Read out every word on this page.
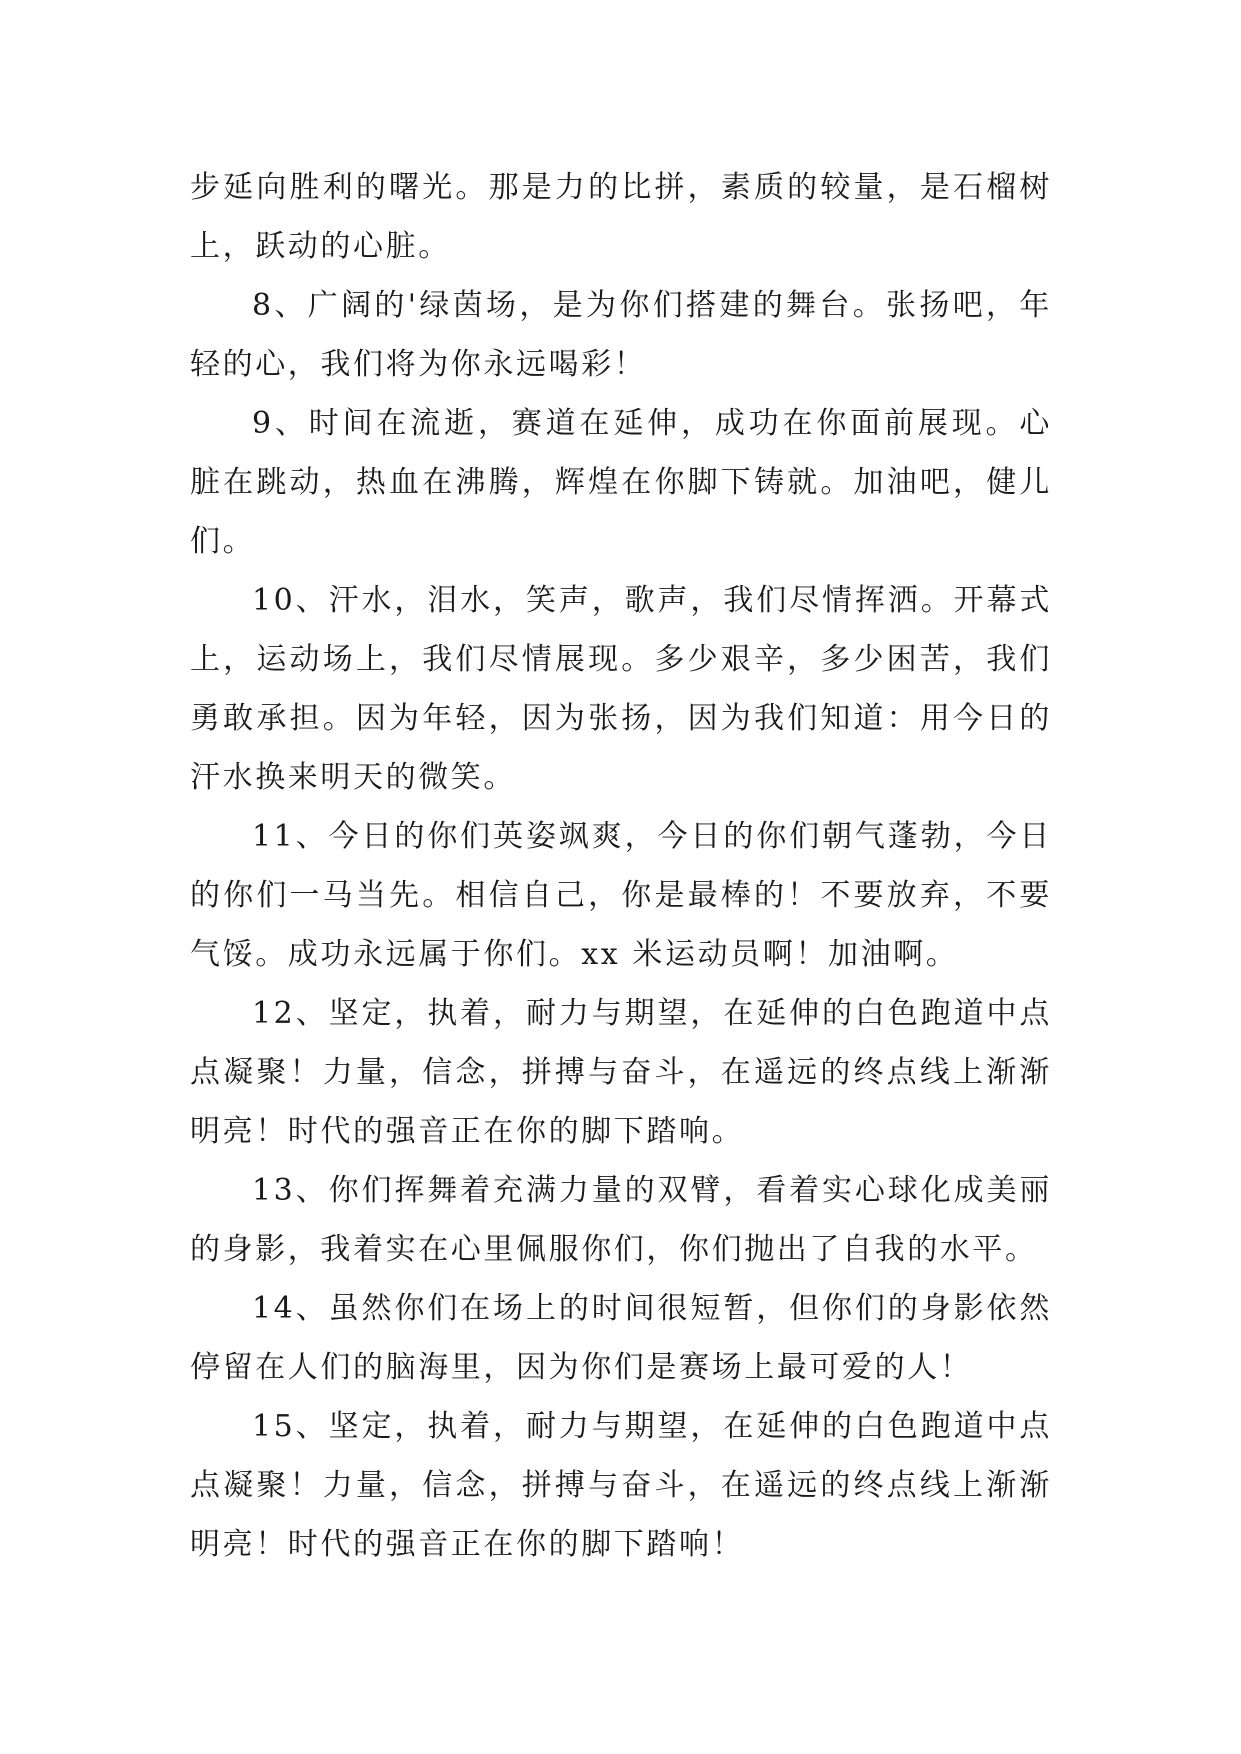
步延向胜利的曙光。那是力的比拼，素质的较量，是石榴树上，跃动的心脏。

8、广阔的'绿茵场，是为你们搭建的舞台。张扬吧，年轻的心，我们将为你永远喝彩！

9、时间在流逝，赛道在延伸，成功在你面前展现。心脏在跳动，热血在沸腾，辉煌在你脚下铸就。加油吧，健儿们。

10、汗水，泪水，笑声，歌声，我们尽情挥洒。开幕式上，运动场上，我们尽情展现。多少艰辛，多少困苦，我们勇敢承担。因为年轻，因为张扬，因为我们知道：用今日的汗水换来明天的微笑。

11、今日的你们英姿飒爽，今日的你们朝气蓬勃，今日的你们一马当先。相信自己，你是最棒的！不要放弃，不要气馁。成功永远属于你们。xx 米运动员啊！加油啊。

12、坚定，执着，耐力与期望，在延伸的白色跑道中点点凝聚！力量，信念，拼搏与奋斗，在遥远的终点线上渐渐明亮！时代的强音正在你的脚下踏响。

13、你们挥舞着充满力量的双臂，看着实心球化成美丽的身影，我着实在心里佩服你们，你们抛出了自我的水平。

14、虽然你们在场上的时间很短暂，但你们的身影依然停留在人们的脑海里，因为你们是赛场上最可爱的人！

15、坚定，执着，耐力与期望，在延伸的白色跑道中点点凝聚！力量，信念，拼搏与奋斗，在遥远的终点线上渐渐明亮！时代的强音正在你的脚下踏响！
